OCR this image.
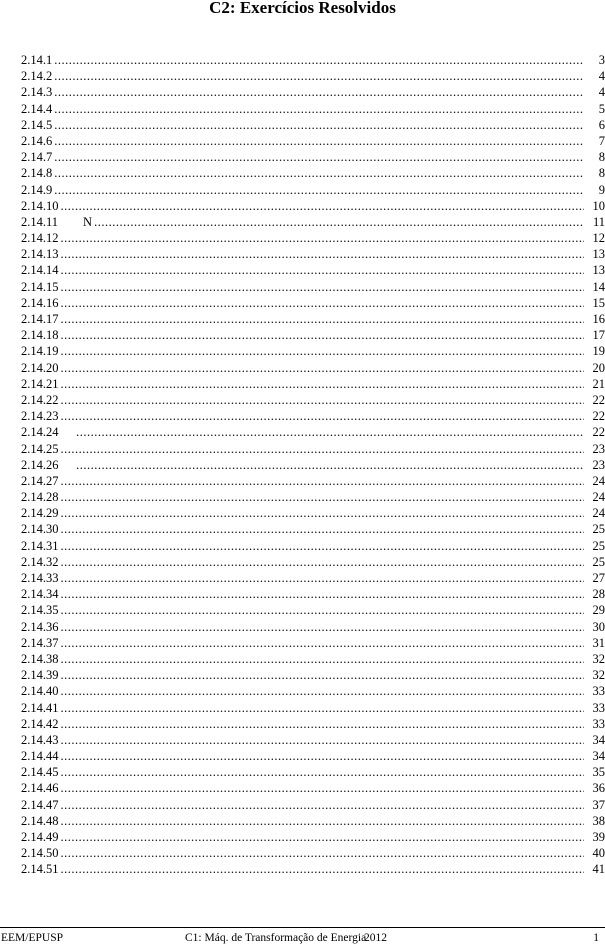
C2: Exercícios Resolvidos
2.14.1 .....	3
2.14.2 .....	4
2.14.3 .....	4
2.14.4 .....	5
2.14.5 .....	6
2.14.6 .....	7
2.14.7 .....	8
2.14.8 .....	8
2.14.9 .....	9
2.14.10 .....	10
2.14.11        N .....	11
2.14.12 .....	12
2.14.13 .....	13
2.14.14 .....	13
2.14.15 .....	14
2.14.16 .....	15
2.14.17 .....	16
2.14.18 .....	17
2.14.19 .....	19
2.14.20 .....	20
2.14.21 .....	21
2.14.22 .....	22
2.14.23 .....	22
2.14.24 .....	22
2.14.25 .....	23
2.14.26 .....	23
2.14.27 .....	24
2.14.28 .....	24
2.14.29 .....	24
2.14.30 .....	25
2.14.31 .....	25
2.14.32 .....	25
2.14.33 .....	27
2.14.34 .....	28
2.14.35 .....	29
2.14.36 .....	30
2.14.37 .....	31
2.14.38 .....	32
2.14.39 .....	32
2.14.40 .....	33
2.14.41 .....	33
2.14.42 .....	33
2.14.43 .....	34
2.14.44 .....	34
2.14.45 .....	35
2.14.46 .....	36
2.14.47 .....	37
2.14.48 .....	38
2.14.49 .....	39
2.14.50 .....	40
2.14.51 .....	41
EEM/EPUSP	C1: Máq. de Transformação de Energia
2012	1
